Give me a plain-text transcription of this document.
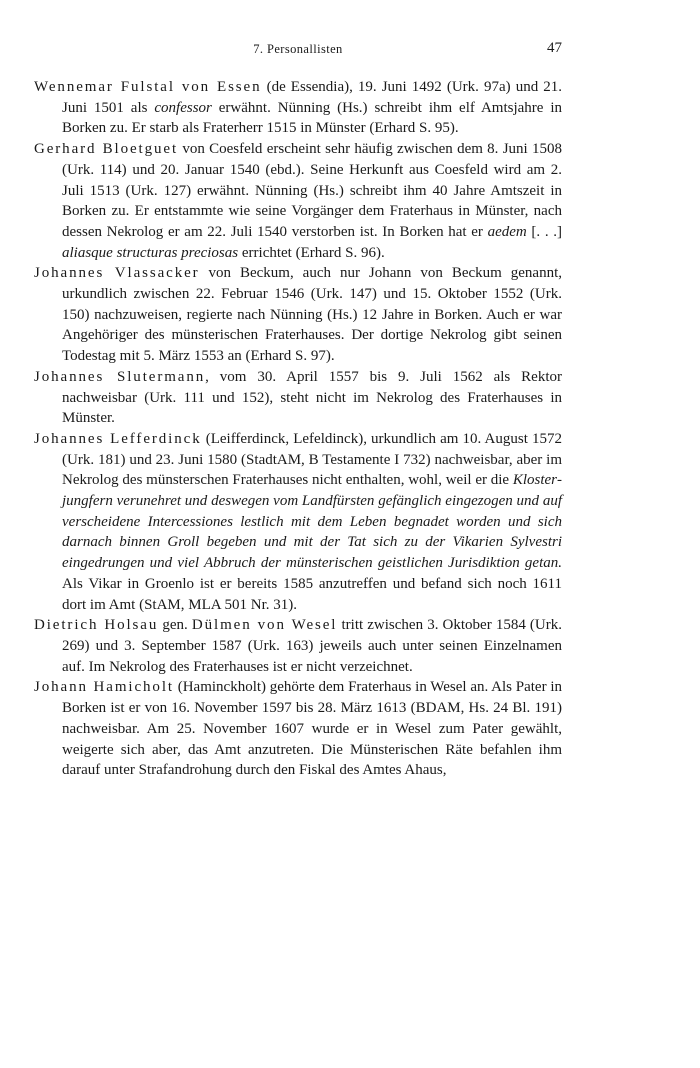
7. Personallisten	47

Wennemar Fulstal von Essen (de Essendia), 19. Juni 1492 (Urk. 97a) und 21. Juni 1501 als confessor erwähnt. Nünning (Hs.) schreibt ihm elf Amtsjahre in Borken zu. Er starb als Fraterherr 1515 in Münster (Erhard S. 95).

Gerhard Bloetguet von Coesfeld erscheint sehr häufig zwischen dem 8. Juni 1508 (Urk. 114) und 20. Januar 1540 (ebd.). Seine Herkunft aus Coesfeld wird am 2. Juli 1513 (Urk. 127) erwähnt. Nünning (Hs.) schreibt ihm 40 Jahre Amtszeit in Borken zu. Er entstammte wie seine Vorgänger dem Fraterhaus in Münster, nach dessen Nekrolog er am 22. Juli 1540 verstorben ist. In Borken hat er aedem [. . .] aliasque structuras preciosas errichtet (Erhard S. 96).

Johannes Vlassacker von Beckum, auch nur Johann von Beckum genannt, urkundlich zwischen 22. Februar 1546 (Urk. 147) und 15. Oktober 1552 (Urk. 150) nachzuweisen, regierte nach Nünning (Hs.) 12 Jahre in Borken. Auch er war Angehöriger des münsterischen Fraterhauses. Der dortige Nekrolog gibt seinen Todestag mit 5. März 1553 an (Erhard S. 97).

Johannes Slutermann, vom 30. April 1557 bis 9. Juli 1562 als Rektor nachweisbar (Urk. 111 und 152), steht nicht im Nekrolog des Fraterhauses in Münster.

Johannes Lefferdinck (Leifferdinck, Lefeldinck), urkundlich am 10. August 1572 (Urk. 181) und 23. Juni 1580 (StadtAM, B Testamente I 732) nachweisbar, aber im Nekrolog des münsterschen Fraterhauses nicht enthalten, wohl, weil er die Klosterjungfern verunehret und deswegen vom Landfürsten gefänglich eingezogen und auf verscheidene Intercessiones lestlich mit dem Leben begnadet worden und sich darnach binnen Groll begeben und mit der Tat sich zu der Vikarien Sylvestri eingedrungen und viel Abbruch der münsterischen geistlichen Jurisdiktion getan. Als Vikar in Groenlo ist er bereits 1585 anzutreffen und befand sich noch 1611 dort im Amt (StAM, MLA 501 Nr. 31).

Dietrich Holsau gen. Dülmen von Wesel tritt zwischen 3. Oktober 1584 (Urk. 269) und 3. September 1587 (Urk. 163) jeweils auch unter seinen Einzelnamen auf. Im Nekrolog des Fraterhauses ist er nicht verzeichnet.

Johann Hamicholt (Haminckholt) gehörte dem Fraterhaus in Wesel an. Als Pater in Borken ist er von 16. November 1597 bis 28. März 1613 (BDAM, Hs. 24 Bl. 191) nachweisbar. Am 25. November 1607 wurde er in Wesel zum Pater gewählt, weigerte sich aber, das Amt anzutreten. Die Münsterischen Räte befahlen ihm darauf unter Strafandrohung durch den Fiskal des Amtes Ahaus,
